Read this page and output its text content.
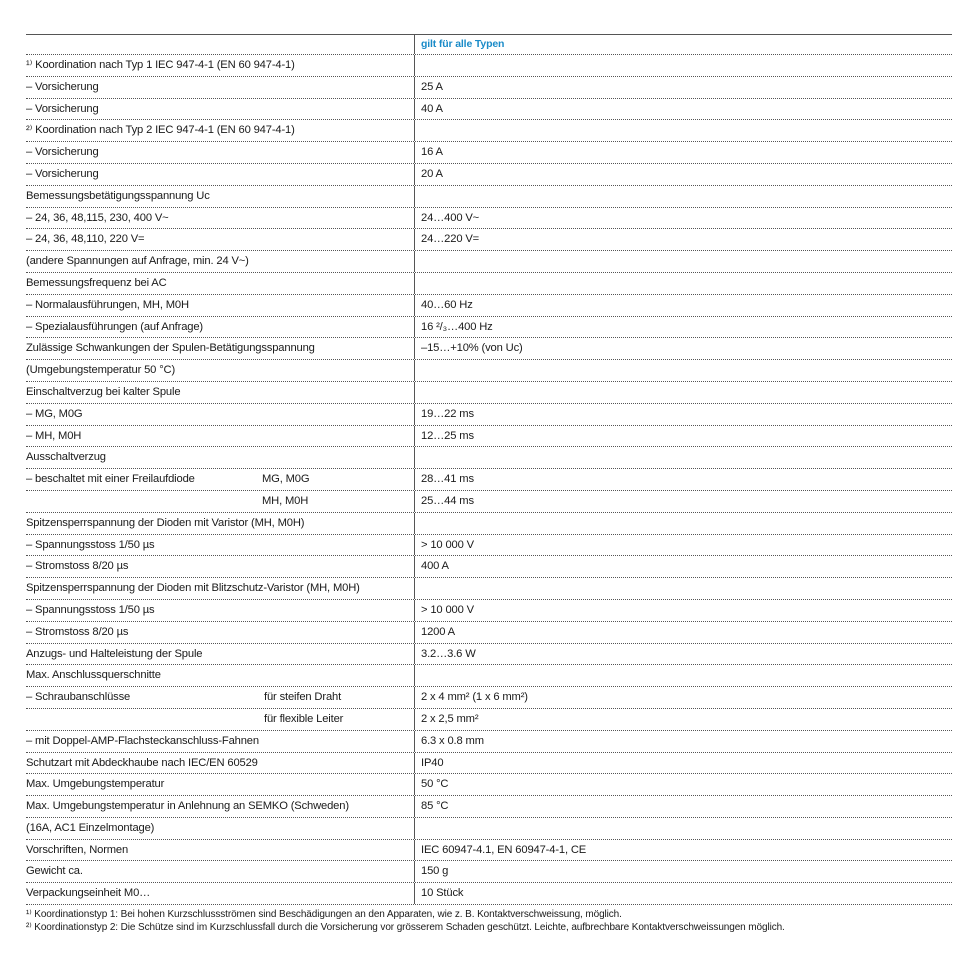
gilt für alle Typen
¹⁾ Koordination nach Typ 1 IEC 947-4-1 (EN 60 947-4-1)
– Vorsicherung	25 A
– Vorsicherung	40 A
²⁾ Koordination nach Typ 2 IEC 947-4-1 (EN 60 947-4-1)
– Vorsicherung	16 A
– Vorsicherung	20 A
Bemessungsbetätigungsspannung Uc
– 24, 36, 48,115, 230, 400 V~	24…400 V~
– 24, 36, 48,110, 220 V=	24…220 V=
(andere Spannungen auf Anfrage, min. 24 V~)
Bemessungsfrequenz bei AC
– Normalausführungen, MH, M0H	40…60 Hz
– Spezialausführungen (auf Anfrage)	16 ²/₃…400 Hz
Zulässige Schwankungen der Spulen-Betätigungsspannung	–15…+10% (von Uc)
(Umgebungstemperatur 50 °C)
Einschaltverzug bei kalter Spule
– MG, M0G	19…22 ms
– MH, M0H	12…25 ms
Ausschaltverzug
– beschaltet mit einer Freilaufdiode	MG, M0G	28…41 ms
MH, M0H	25…44 ms
Spitzensperrspannung der Dioden mit Varistor (MH, M0H)
– Spannungsstoss 1/50 µs	> 10 000 V
– Stromstoss 8/20 µs	400 A
Spitzensperrspannung der Dioden mit Blitzschutz-Varistor (MH, M0H)
– Spannungsstoss 1/50 µs	> 10 000 V
– Stromstoss 8/20 µs	1200 A
Anzugs- und Halteleistung der Spule	3.2…3.6 W
Max. Anschlussquerschnitte
– Schraubanschlüsse	für steifen Draht	2 x 4 mm² (1 x 6 mm²)
für flexible Leiter	2 x 2,5 mm²
– mit Doppel-AMP-Flachsteckanschluss-Fahnen	6.3 x 0.8 mm
Schutzart mit Abdeckhaube nach IEC/EN 60529	IP40
Max. Umgebungstemperatur	50 °C
Max. Umgebungstemperatur in Anlehnung an SEMKO (Schweden)	85 °C
(16A, AC1 Einzelmontage)
Vorschriften, Normen	IEC 60947-4.1, EN 60947-4-1, CE
Gewicht ca.	150 g
Verpackungseinheit M0…	10 Stück
¹⁾ Koordinationstyp 1: Bei hohen Kurzschlussströmen sind Beschädigungen an den Apparaten, wie z. B. Kontaktverschweissung, möglich.
²⁾ Koordinationstyp 2: Die Schütze sind im Kurzschlussfall durch die Vorsicherung vor grösserem Schaden geschützt. Leichte, aufbrechbare Kontaktverschweissungen möglich.
